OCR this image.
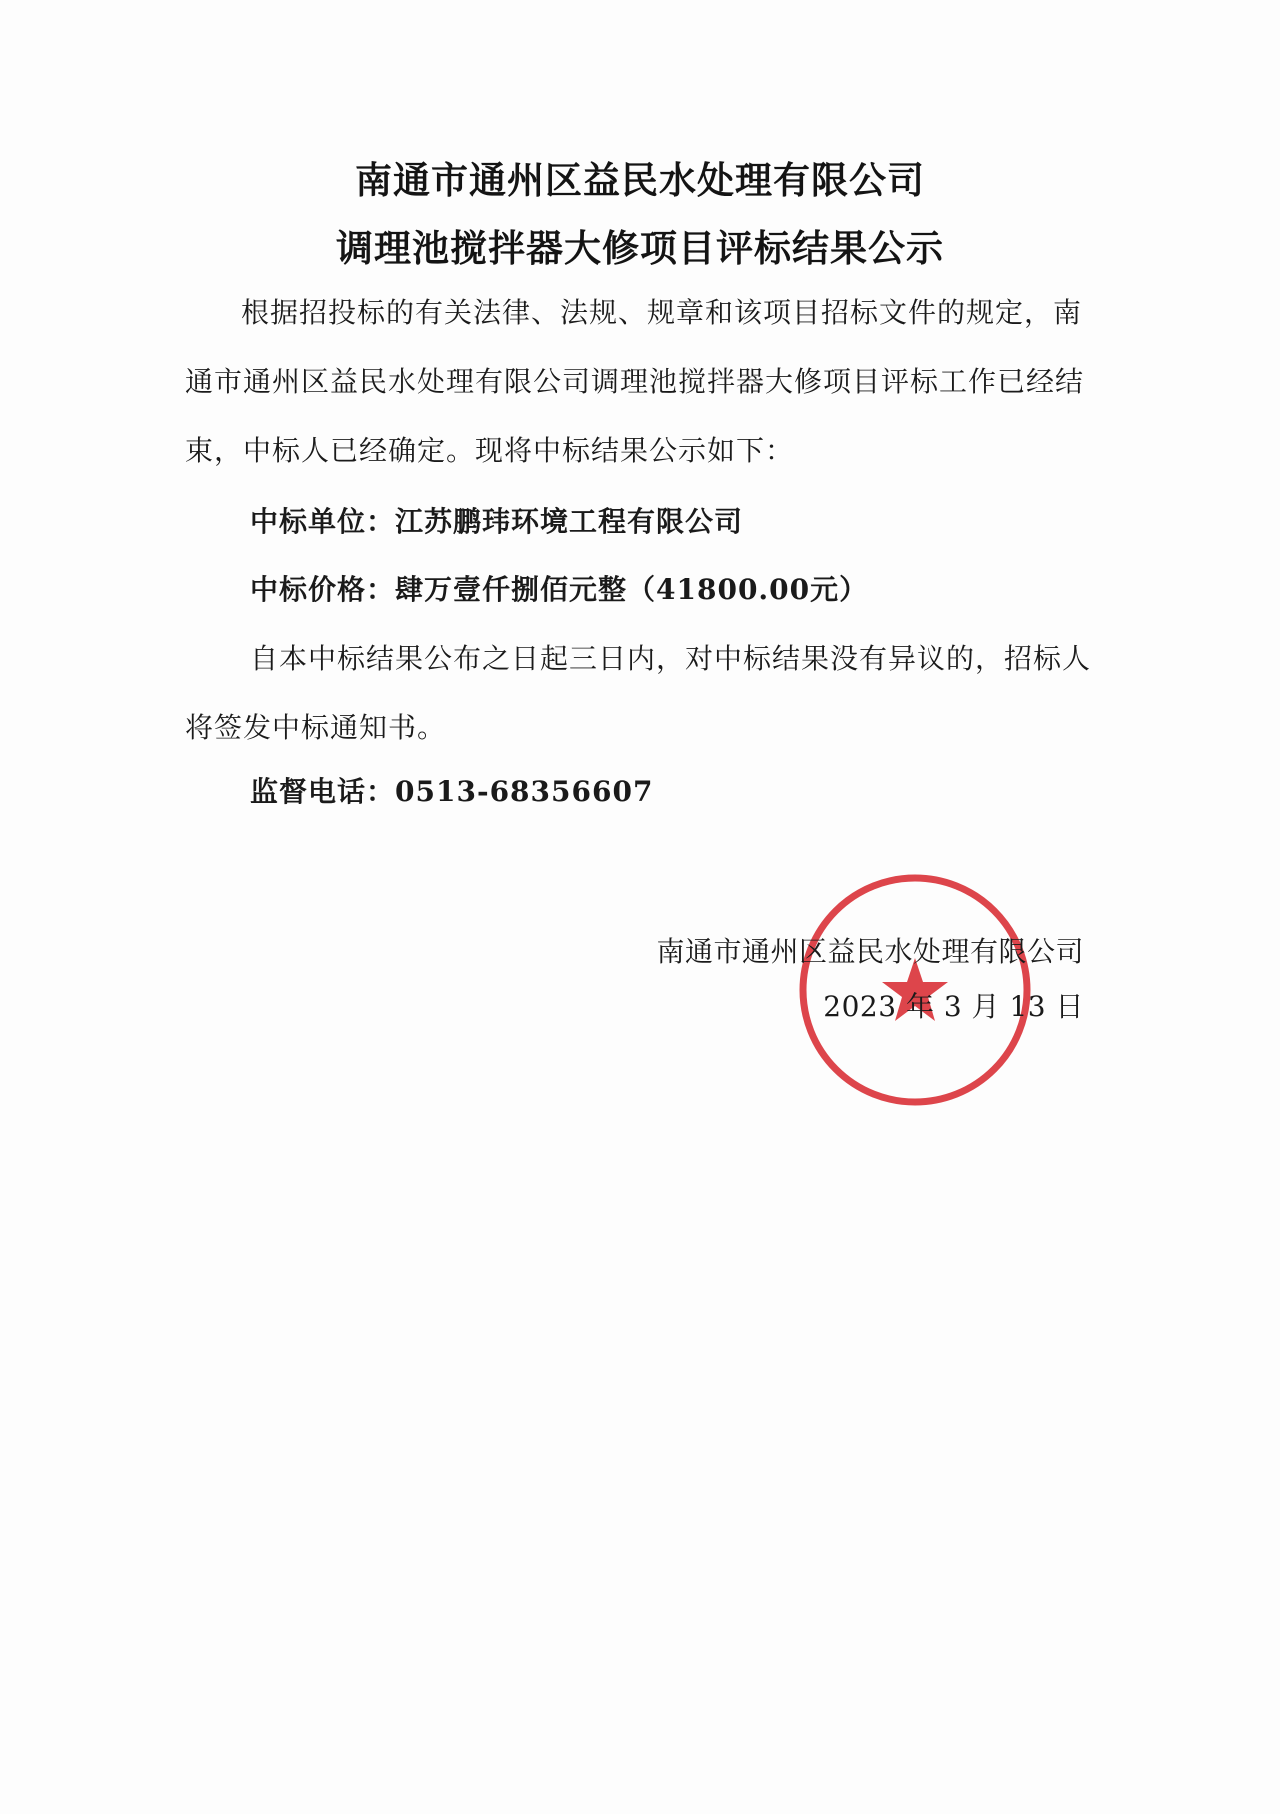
南通市通州区益民水处理有限公司
调理池搅拌器大修项目评标结果公示
根据招投标的有关法律、法规、规章和该项目招标文件的规定，南通市通州区益民水处理有限公司调理池搅拌器大修项目评标工作已经结束，中标人已经确定。现将中标结果公示如下：
中标单位：江苏鹏玮环境工程有限公司
中标价格：肆万壹仟捌佰元整（41800.00元）
自本中标结果公布之日起三日内，对中标结果没有异议的，招标人将签发中标通知书。
监督电话：0513-68356607
南通市通州区益民水处理有限公司
2023 年 3 月 13 日
